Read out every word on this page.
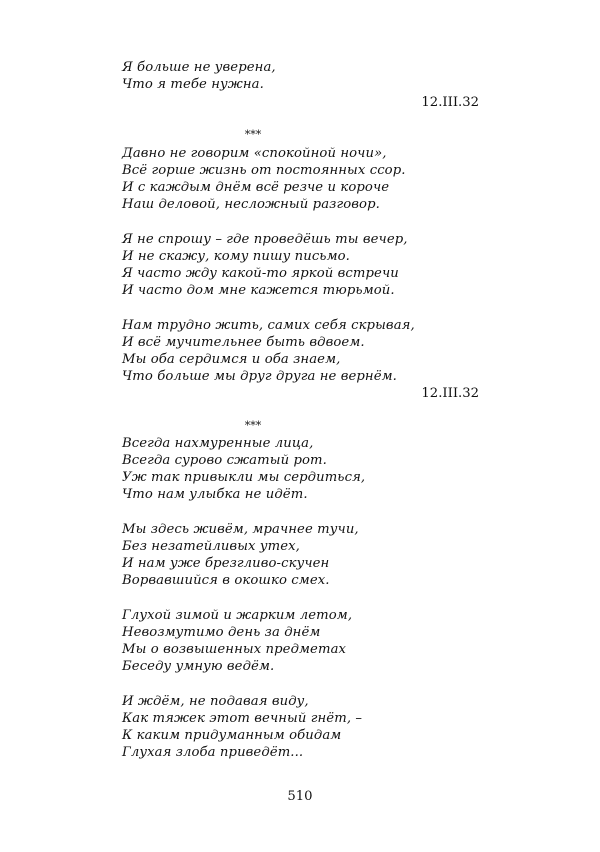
Я больше не уверена,
Что я тебе нужна.
12.III.32
***
Давно не говорим «спокойной ночи»,
Всё горше жизнь от постоянных ссор.
И с каждым днём всё резче и короче
Наш деловой, несложный разговор.
Я не спрошу – где проведёшь ты вечер,
И не скажу, кому пишу письмо.
Я часто жду какой-то яркой встречи
И часто дом мне кажется тюрьмой.
Нам трудно жить, самих себя скрывая,
И всё мучительнее быть вдвоем.
Мы оба сердимся и оба знаем,
Что больше мы друг друга не вернём.
12.III.32
***
Всегда нахмуренные лица,
Всегда сурово сжатый рот.
Уж так привыкли мы сердиться,
Что нам улыбка не идёт.
Мы здесь живём, мрачнее тучи,
Без незатейливых утех,
И нам уже брезгливо-скучен
Ворвавшийся в окошко смех.
Глухой зимой и жарким летом,
Невозмутимо день за днём
Мы о возвышенных предметах
Беседу умную ведём.
И ждём, не подавая виду,
Как тяжек этот вечный гнёт, –
К каким придуманным обидам
Глухая злоба приведёт...
510
